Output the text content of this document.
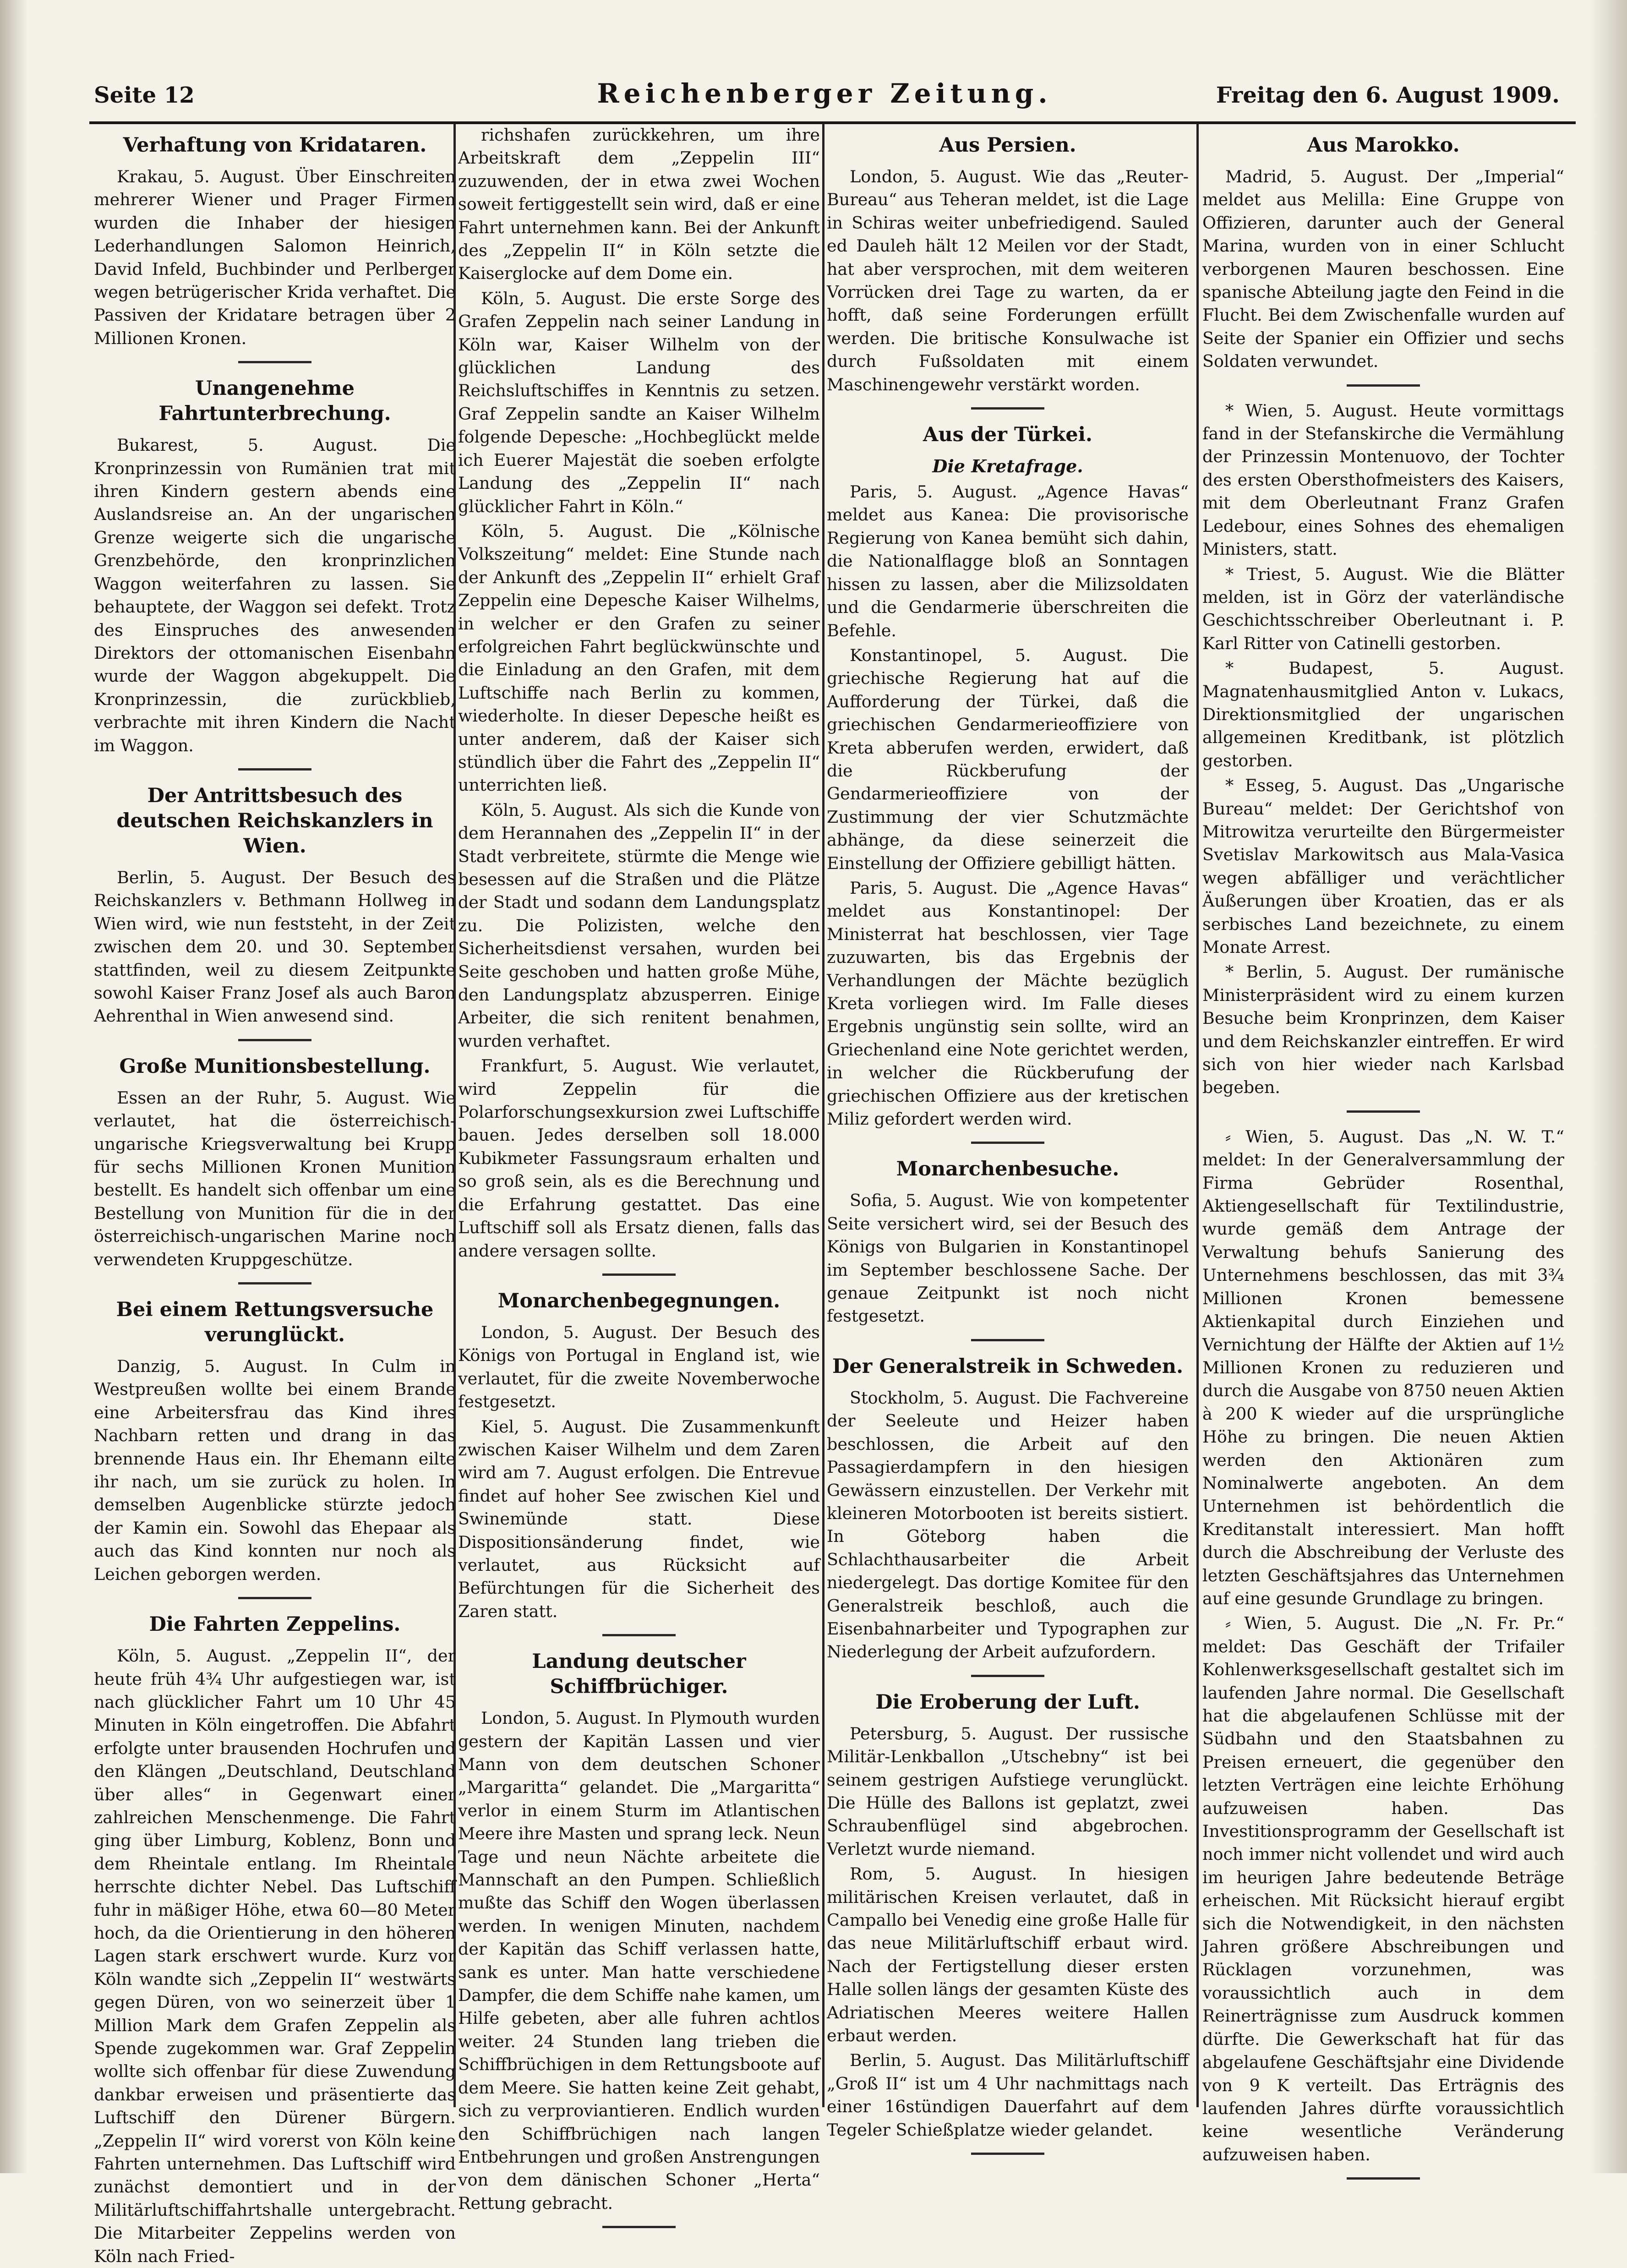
Seite 12	Reichenberger Zeitung.	Freitag den 6. August 1909.
Verhaftung von Kridataren.

Krakau, 5. August. Über Einschreiten mehrerer Wiener und Prager Firmen wurden die Inhaber der hiesigen Lederhandlungen Salomon Heinrich, David Infeld, Buchbinder und Perlberger wegen betrügerischer Krida verhaftet. Die Passiven der Kridatare betragen über 2 Millionen Kronen.

Unangenehme Fahrtunterbrechung.

Bukarest, 5. August. Die Kronprinzessin von Rumänien trat mit ihren Kindern gestern abends eine Auslandsreise an. An der ungarischen Grenze weigerte sich die ungarische Grenzbehörde, den kronprinzlichen Waggon weiterfahren zu lassen. Sie behauptete, der Waggon sei defekt. Trotz des Einspruches des anwesenden Direktors der ottomanischen Eisenbahn wurde der Waggon abgekuppelt. Die Kronprinzessin, die zurückblieb, verbrachte mit ihren Kindern die Nacht im Waggon.

Der Antrittsbesuch des deutschen Reichskanzlers in Wien.

Berlin, 5. August. Der Besuch des Reichskanzlers v. Bethmann Hollweg in Wien wird, wie nun feststeht, in der Zeit zwischen dem 20. und 30. September stattfinden, weil zu diesem Zeitpunkte sowohl Kaiser Franz Josef als auch Baron Aehrenthal in Wien anwesend sind.

Große Munitionsbestellung.

Essen an der Ruhr, 5. August. Wie verlautet, hat die österreichisch-ungarische Kriegsverwaltung bei Krupp für sechs Millionen Kronen Munition bestellt. Es handelt sich offenbar um eine Bestellung von Munition für die in der österreichisch-ungarischen Marine noch verwendeten Kruppgeschütze.

Bei einem Rettungsversuche verunglückt.

Danzig, 5. August. In Culm in Westpreußen wollte bei einem Brande eine Arbeitersfrau das Kind ihres Nachbarn retten und drang in das brennende Haus ein. Ihr Ehemann eilte ihr nach, um sie zurück zu holen. In demselben Augenblicke stürzte jedoch der Kamin ein. Sowohl das Ehepaar als auch das Kind konnten nur noch als Leichen geborgen werden.

Die Fahrten Zeppelins.

Köln, 5. August. „Zeppelin II“, der heute früh 4¾ Uhr aufgestiegen war, ist nach glücklicher Fahrt um 10 Uhr 45 Minuten in Köln eingetroffen. Die Abfahrt erfolgte unter brausenden Hochrufen und den Klängen „Deutschland, Deutschland über alles“ in Gegenwart einer zahlreichen Menschenmenge. Die Fahrt ging über Limburg, Koblenz, Bonn und dem Rheintale entlang. Im Rheintale herrschte dichter Nebel. Das Luftschiff fuhr in mäßiger Höhe, etwa 60—80 Meter hoch, da die Orientierung in den höheren Lagen stark erschwert wurde. Kurz vor Köln wandte sich „Zeppelin II“ westwärts gegen Düren, von wo seinerzeit über 1 Million Mark dem Grafen Zeppelin als Spende zugekommen war. Graf Zeppelin wollte sich offenbar für diese Zuwendung dankbar erweisen und präsentierte das Luftschiff den Dürener Bürgern. „Zeppelin II“ wird vorerst von Köln keine Fahrten unternehmen. Das Luftschiff wird zunächst demontiert und in der Militärluftschiffahrtshalle untergebracht. Die Mitarbeiter Zeppelins werden von Köln nach Fried-

richshafen zurückkehren, um ihre Arbeitskraft dem „Zeppelin III“ zuzuwenden, der in etwa zwei Wochen soweit fertiggestellt sein wird, daß er eine Fahrt unternehmen kann. Bei der Ankunft des „Zeppelin II“ in Köln setzte die Kaiserglocke auf dem Dome ein.

Köln, 5. August. Die erste Sorge des Grafen Zeppelin nach seiner Landung in Köln war, Kaiser Wilhelm von der glücklichen Landung des Reichsluftschiffes in Kenntnis zu setzen. Graf Zeppelin sandte an Kaiser Wilhelm folgende Depesche: „Hochbeglückt melde ich Euerer Majestät die soeben erfolgte Landung des „Zeppelin II“ nach glücklicher Fahrt in Köln.“

Köln, 5. August. Die „Kölnische Volkszeitung“ meldet: Eine Stunde nach der Ankunft des „Zeppelin II“ erhielt Graf Zeppelin eine Depesche Kaiser Wilhelms, in welcher er den Grafen zu seiner erfolgreichen Fahrt beglückwünschte und die Einladung an den Grafen, mit dem Luftschiffe nach Berlin zu kommen, wiederholte. In dieser Depesche heißt es unter anderem, daß der Kaiser sich stündlich über die Fahrt des „Zeppelin II“ unterrichten ließ.

Köln, 5. August. Als sich die Kunde von dem Herannahen des „Zeppelin II“ in der Stadt verbreitete, stürmte die Menge wie besessen auf die Straßen und die Plätze der Stadt und sodann dem Landungsplatz zu. Die Polizisten, welche den Sicherheitsdienst versahen, wurden bei Seite geschoben und hatten große Mühe, den Landungsplatz abzusperren. Einige Arbeiter, die sich renitent benahmen, wurden verhaftet.

Frankfurt, 5. August. Wie verlautet, wird Zeppelin für die Polarforschungsexkursion zwei Luftschiffe bauen. Jedes derselben soll 18.000 Kubikmeter Fassungsraum erhalten und so groß sein, als es die Berechnung und die Erfahrung gestattet. Das eine Luftschiff soll als Ersatz dienen, falls das andere versagen sollte.

Monarchenbegegnungen.

London, 5. August. Der Besuch des Königs von Portugal in England ist, wie verlautet, für die zweite Novemberwoche festgesetzt.

Kiel, 5. August. Die Zusammenkunft zwischen Kaiser Wilhelm und dem Zaren wird am 7. August erfolgen. Die Entrevue findet auf hoher See zwischen Kiel und Swinemünde statt. Diese Dispositionsänderung findet, wie verlautet, aus Rücksicht auf Befürchtungen für die Sicherheit des Zaren statt.

Landung deutscher Schiffbrüchiger.

London, 5. August. In Plymouth wurden gestern der Kapitän Lassen und vier Mann von dem deutschen Schoner „Margaritta“ gelandet. Die „Margaritta“ verlor in einem Sturm im Atlantischen Meere ihre Masten und sprang leck. Neun Tage und neun Nächte arbeitete die Mannschaft an den Pumpen. Schließlich mußte das Schiff den Wogen überlassen werden. In wenigen Minuten, nachdem der Kapitän das Schiff verlassen hatte, sank es unter. Man hatte verschiedene Dampfer, die dem Schiffe nahe kamen, um Hilfe gebeten, aber alle fuhren achtlos weiter. 24 Stunden lang trieben die Schiffbrüchigen in dem Rettungsboote auf dem Meere. Sie hatten keine Zeit gehabt, sich zu verproviantieren. Endlich wurden den Schiffbrüchigen nach langen Entbehrungen und großen Anstrengungen von dem dänischen Schoner „Herta“ Rettung gebracht.

Aus Persien.

London, 5. August. Wie das „Reuter-Bureau“ aus Teheran meldet, ist die Lage in Schiras weiter unbefriedigend. Sauled ed Dauleh hält 12 Meilen vor der Stadt, hat aber versprochen, mit dem weiteren Vorrücken drei Tage zu warten, da er hofft, daß seine Forderungen erfüllt werden. Die britische Konsulwache ist durch Fußsoldaten mit einem Maschinengewehr verstärkt worden.

Aus der Türkei.
Die Kretafrage.

Paris, 5. August. „Agence Havas“ meldet aus Kanea: Die provisorische Regierung von Kanea bemüht sich dahin, die Nationalflagge bloß an Sonntagen hissen zu lassen, aber die Milizsoldaten und die Gendarmerie überschreiten die Befehle.

Konstantinopel, 5. August. Die griechische Regierung hat auf die Aufforderung der Türkei, daß die griechischen Gendarmerieoffiziere von Kreta abberufen werden, erwidert, daß die Rückberufung der Gendarmerieoffiziere von der Zustimmung der vier Schutzmächte abhänge, da diese seinerzeit die Einstellung der Offiziere gebilligt hätten.

Paris, 5. August. Die „Agence Havas“ meldet aus Konstantinopel: Der Ministerrat hat beschlossen, vier Tage zuzuwarten, bis das Ergebnis der Verhandlungen der Mächte bezüglich Kreta vorliegen wird. Im Falle dieses Ergebnis ungünstig sein sollte, wird an Griechenland eine Note gerichtet werden, in welcher die Rückberufung der griechischen Offiziere aus der kretischen Miliz gefordert werden wird.

Monarchenbesuche.

Sofia, 5. August. Wie von kompetenter Seite versichert wird, sei der Besuch des Königs von Bulgarien in Konstantinopel im September beschlossene Sache. Der genaue Zeitpunkt ist noch nicht festgesetzt.

Der Generalstreik in Schweden.

Stockholm, 5. August. Die Fachvereine der Seeleute und Heizer haben beschlossen, die Arbeit auf den Passagierdampfern in den hiesigen Gewässern einzustellen. Der Verkehr mit kleineren Motorbooten ist bereits sistiert. In Göteborg haben die Schlachthausarbeiter die Arbeit niedergelegt. Das dortige Komitee für den Generalstreik beschloß, auch die Eisenbahnarbeiter und Typographen zur Niederlegung der Arbeit aufzufordern.

Die Eroberung der Luft.

Petersburg, 5. August. Der russische Militär-Lenkballon „Utschebny“ ist bei seinem gestrigen Aufstiege verunglückt. Die Hülle des Ballons ist geplatzt, zwei Schraubenflügel sind abgebrochen. Verletzt wurde niemand.

Rom, 5. August. In hiesigen militärischen Kreisen verlautet, daß in Campallo bei Venedig eine große Halle für das neue Militärluftschiff erbaut wird. Nach der Fertigstellung dieser ersten Halle sollen längs der gesamten Küste des Adriatischen Meeres weitere Hallen erbaut werden.

Berlin, 5. August. Das Militärluftschiff „Groß II“ ist um 4 Uhr nachmittags nach einer 16stündigen Dauerfahrt auf dem Tegeler Schießplatze wieder gelandet.

Aus Marokko.

Madrid, 5. August. Der „Imperial“ meldet aus Melilla: Eine Gruppe von Offizieren, darunter auch der General Marina, wurden von in einer Schlucht verborgenen Mauren beschossen. Eine spanische Abteilung jagte den Feind in die Flucht. Bei dem Zwischenfalle wurden auf Seite der Spanier ein Offizier und sechs Soldaten verwundet.

* Wien, 5. August. Heute vormittags fand in der Stefanskirche die Vermählung der Prinzessin Montenuovo, der Tochter des ersten Obersthofmeisters des Kaisers, mit dem Oberleutnant Franz Grafen Ledebour, eines Sohnes des ehemaligen Ministers, statt.

* Triest, 5. August. Wie die Blätter melden, ist in Görz der vaterländische Geschichtsschreiber Oberleutnant i. P. Karl Ritter von Catinelli gestorben.

* Budapest, 5. August. Magnatenhausmitglied Anton v. Lukacs, Direktionsmitglied der ungarischen allgemeinen Kreditbank, ist plötzlich gestorben.

* Esseg, 5. August. Das „Ungarische Bureau“ meldet: Der Gerichtshof von Mitrowitza verurteilte den Bürgermeister Svetislav Markowitsch aus Mala-Vasica wegen abfälliger und verächtlicher Äußerungen über Kroatien, das er als serbisches Land bezeichnete, zu einem Monate Arrest.

* Berlin, 5. August. Der rumänische Ministerpräsident wird zu einem kurzen Besuche beim Kronprinzen, dem Kaiser und dem Reichskanzler eintreffen. Er wird sich von hier wieder nach Karlsbad begeben.

⸗ Wien, 5. August. Das „N. W. T.“ meldet: In der Generalversammlung der Firma Gebrüder Rosenthal, Aktiengesellschaft für Textilindustrie, wurde gemäß dem Antrage der Verwaltung behufs Sanierung des Unternehmens beschlossen, das mit 3¾ Millionen Kronen bemessene Aktienkapital durch Einziehen und Vernichtung der Hälfte der Aktien auf 1½ Millionen Kronen zu reduzieren und durch die Ausgabe von 8750 neuen Aktien à 200 K wieder auf die ursprüngliche Höhe zu bringen. Die neuen Aktien werden den Aktionären zum Nominalwerte angeboten. An dem Unternehmen ist behördentlich die Kreditanstalt interessiert. Man hofft durch die Abschreibung der Verluste des letzten Geschäftsjahres das Unternehmen auf eine gesunde Grundlage zu bringen.

⸗ Wien, 5. August. Die „N. Fr. Pr.“ meldet: Das Geschäft der Trifailer Kohlenwerksgesellschaft gestaltet sich im laufenden Jahre normal. Die Gesellschaft hat die abgelaufenen Schlüsse mit der Südbahn und den Staatsbahnen zu Preisen erneuert, die gegenüber den letzten Verträgen eine leichte Erhöhung aufzuweisen haben. Das Investitionsprogramm der Gesellschaft ist noch immer nicht vollendet und wird auch im heurigen Jahre bedeutende Beträge erheischen. Mit Rücksicht hierauf ergibt sich die Notwendigkeit, in den nächsten Jahren größere Abschreibungen und Rücklagen vorzunehmen, was voraussichtlich auch in dem Reinerträgnisse zum Ausdruck kommen dürfte. Die Gewerkschaft hat für das abgelaufene Geschäftsjahr eine Dividende von 9 K verteilt. Das Erträgnis des laufenden Jahres dürfte voraussichtlich keine wesentliche Veränderung aufzuweisen haben.
